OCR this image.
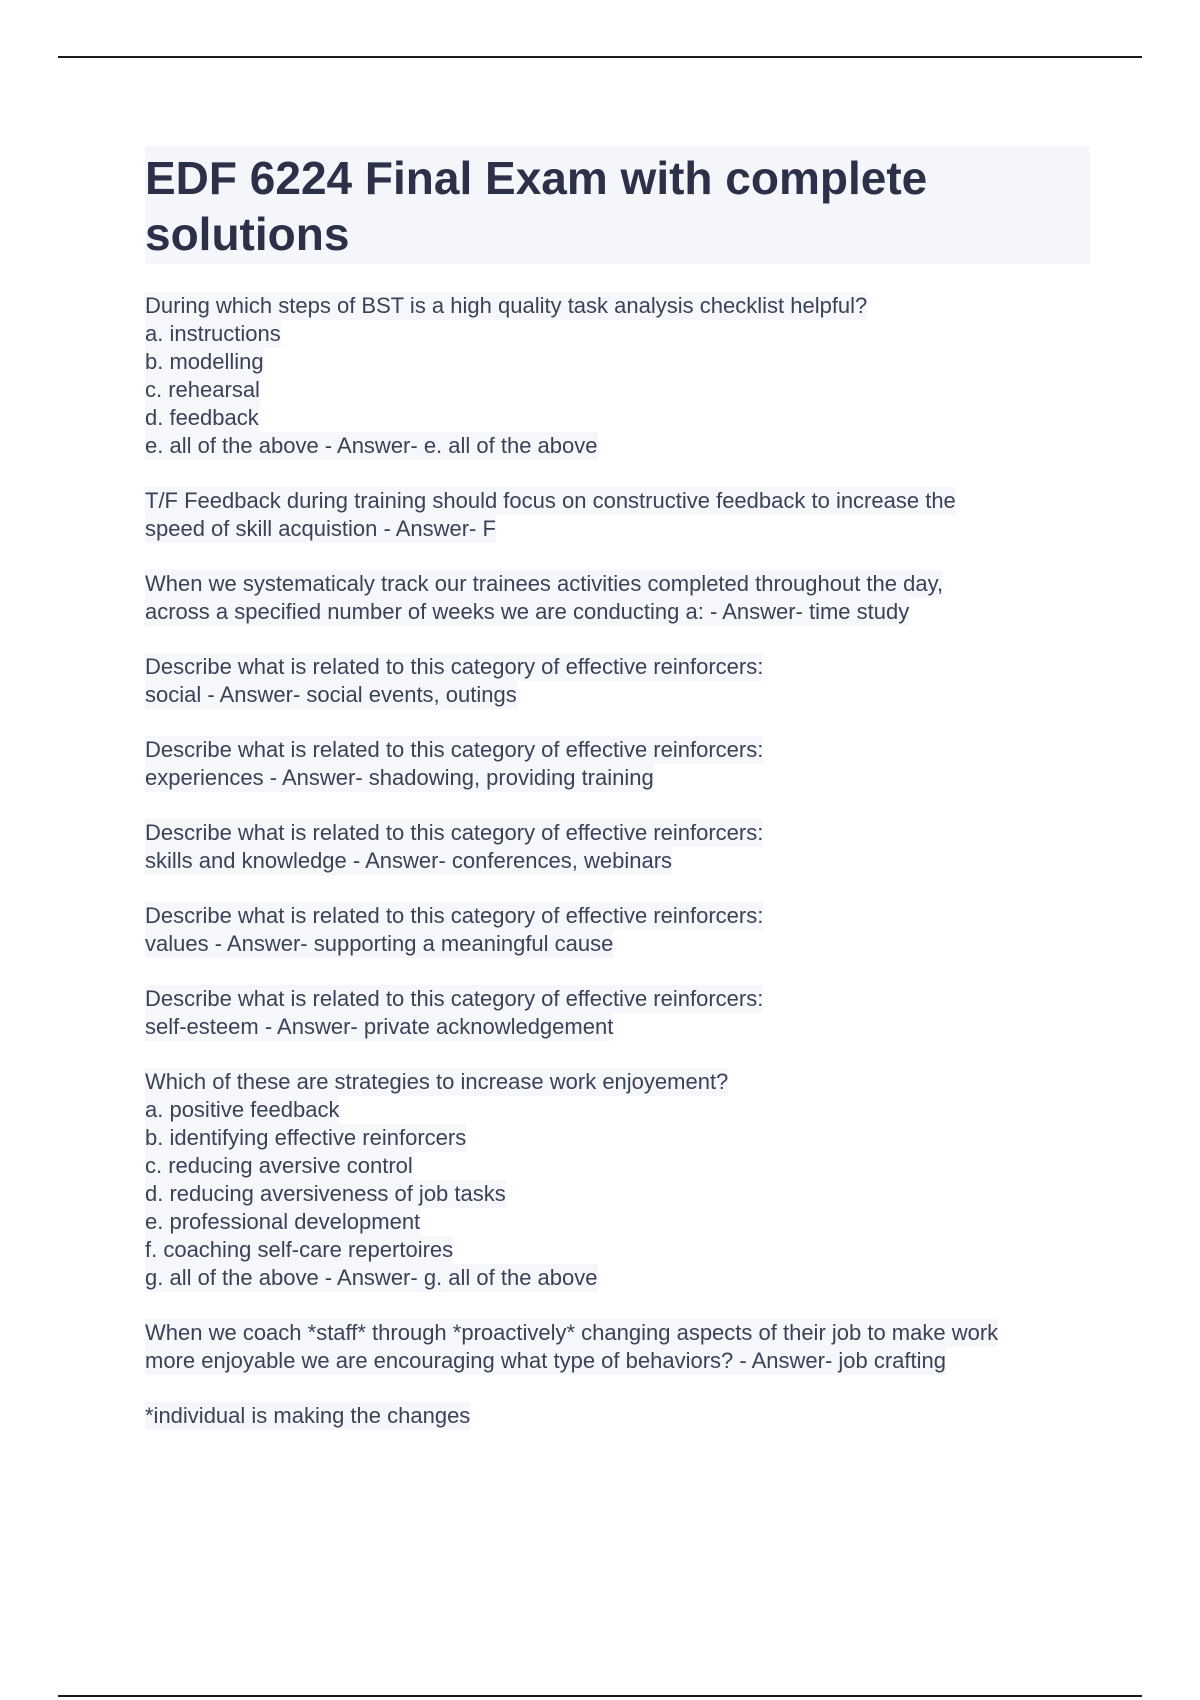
EDF 6224 Final Exam with complete
solutions
During which steps of BST is a high quality task analysis checklist helpful?
a. instructions
b. modelling
c. rehearsal
d. feedback
e. all of the above - Answer- e. all of the above
T/F Feedback during training should focus on constructive feedback to increase the
speed of skill acquistion - Answer- F
When we systematicaly track our trainees activities completed throughout the day,
across a specified number of weeks we are conducting a: - Answer- time study
Describe what is related to this category of effective reinforcers:
social - Answer- social events, outings
Describe what is related to this category of effective reinforcers:
experiences - Answer- shadowing, providing training
Describe what is related to this category of effective reinforcers:
skills and knowledge - Answer- conferences, webinars
Describe what is related to this category of effective reinforcers:
values - Answer- supporting a meaningful cause
Describe what is related to this category of effective reinforcers:
self-esteem - Answer- private acknowledgement
Which of these are strategies to increase work enjoyement?
a. positive feedback
b. identifying effective reinforcers
c. reducing aversive control
d. reducing aversiveness of job tasks
e. professional development
f. coaching self-care repertoires
g. all of the above - Answer- g. all of the above
When we coach *staff* through *proactively* changing aspects of their job to make work
more enjoyable we are encouraging what type of behaviors? - Answer- job crafting
*individual is making the changes
